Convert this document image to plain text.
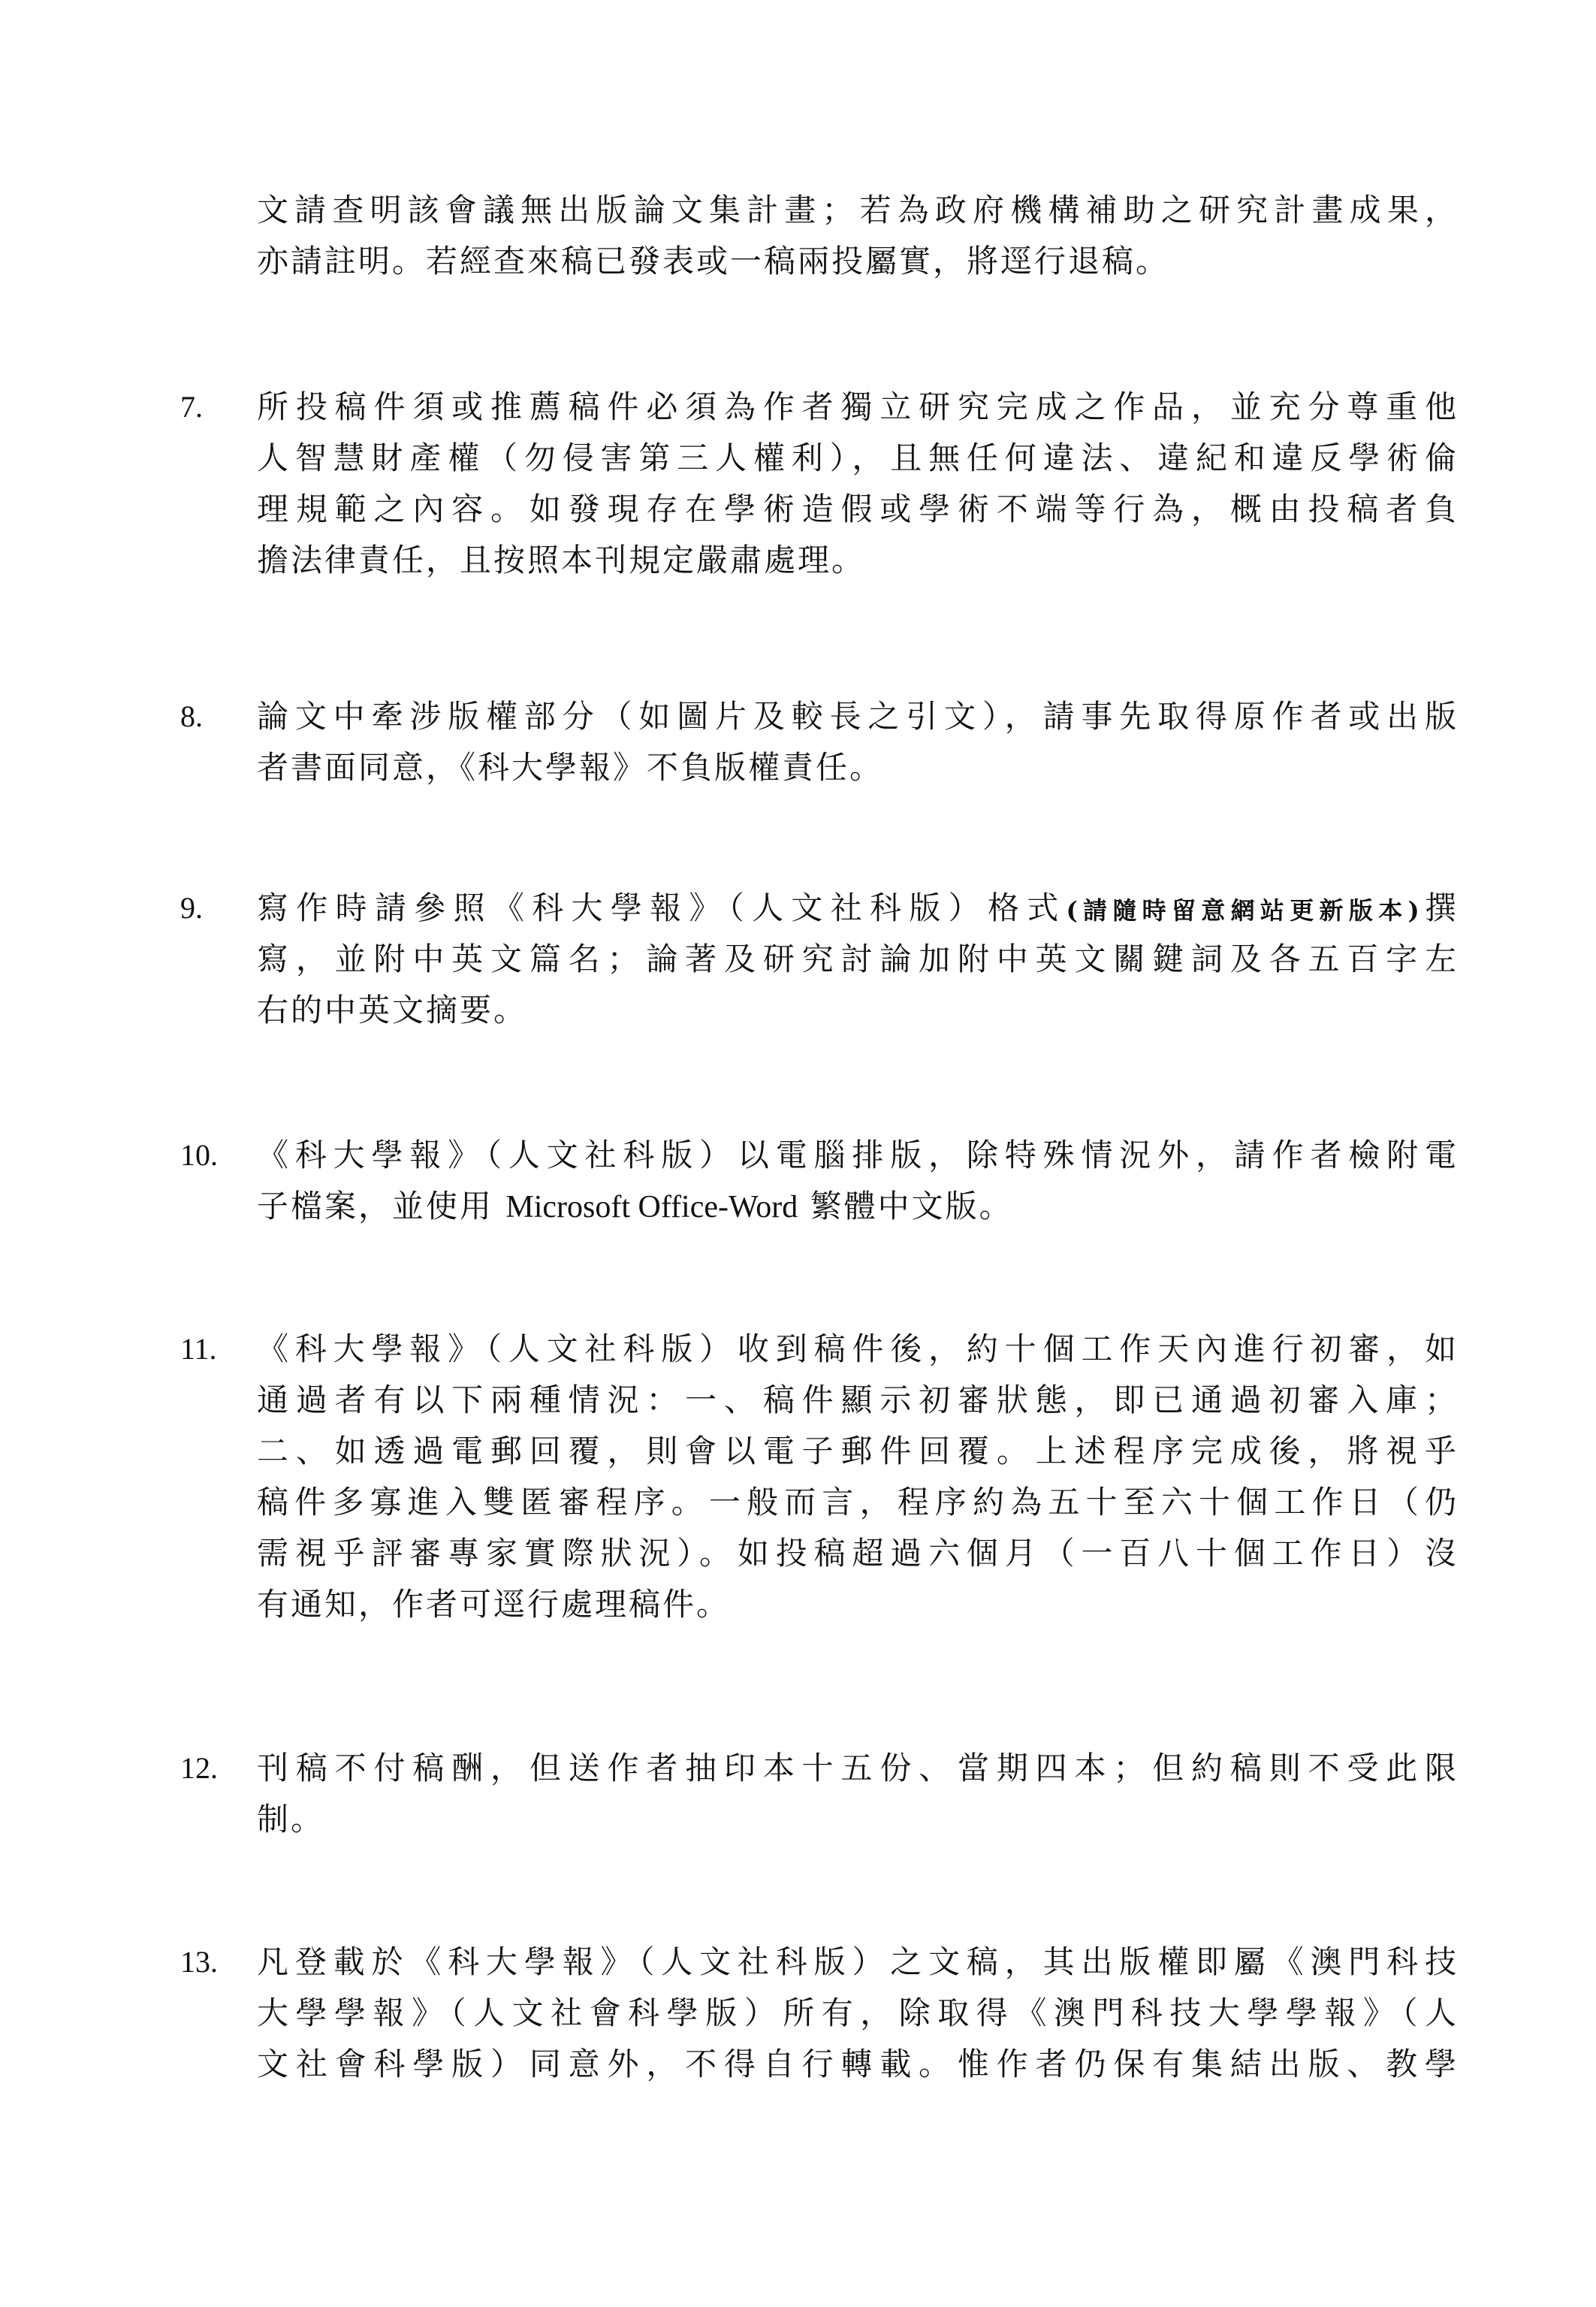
文請查明該會議無出版論文集計畫；若為政府機構補助之研究計畫成果，
亦請註明。若經查來稿已發表或一稿兩投屬實，將逕行退稿。
7.	所投稿件須或推薦稿件必須為作者獨立研究完成之作品，並充分尊重他
人智慧財產權（勿侵害第三人權利），且無任何違法、違紀和違反學術倫
理規範之內容。如發現存在學術造假或學術不端等行為，概由投稿者負
擔法律責任，且按照本刊規定嚴肅處理。
8.	論文中牽涉版權部分（如圖片及較長之引文），請事先取得原作者或出版
者書面同意，《科大學報》不負版權責任。
9.	寫作時請參照《科大學報》（人文社科版）格式(請隨時留意網站更新版本)撰
寫，並附中英文篇名；論著及研究討論加附中英文關鍵詞及各五百字左
右的中英文摘要。
10.	《科大學報》（人文社科版）以電腦排版，除特殊情況外，請作者檢附電
子檔案，並使用 Microsoft Office-Word 繁體中文版。
11.	《科大學報》（人文社科版）收到稿件後，約十個工作天內進行初審，如
通過者有以下兩種情況：一、稿件顯示初審狀態，即已通過初審入庫；
二、如透過電郵回覆，則會以電子郵件回覆。上述程序完成後，將視乎
稿件多寡進入雙匿審程序。一般而言，程序約為五十至六十個工作日（仍
需視乎評審專家實際狀況）。如投稿超過六個月（一百八十個工作日）沒
有通知，作者可逕行處理稿件。
12.	刊稿不付稿酬，但送作者抽印本十五份、當期四本；但約稿則不受此限
制。
13.	凡登載於《科大學報》（人文社科版）之文稿，其出版權即屬《澳門科技
大學學報》（人文社會科學版）所有，除取得《澳門科技大學學報》（人
文社會科學版）同意外，不得自行轉載。惟作者仍保有集結出版、教學
